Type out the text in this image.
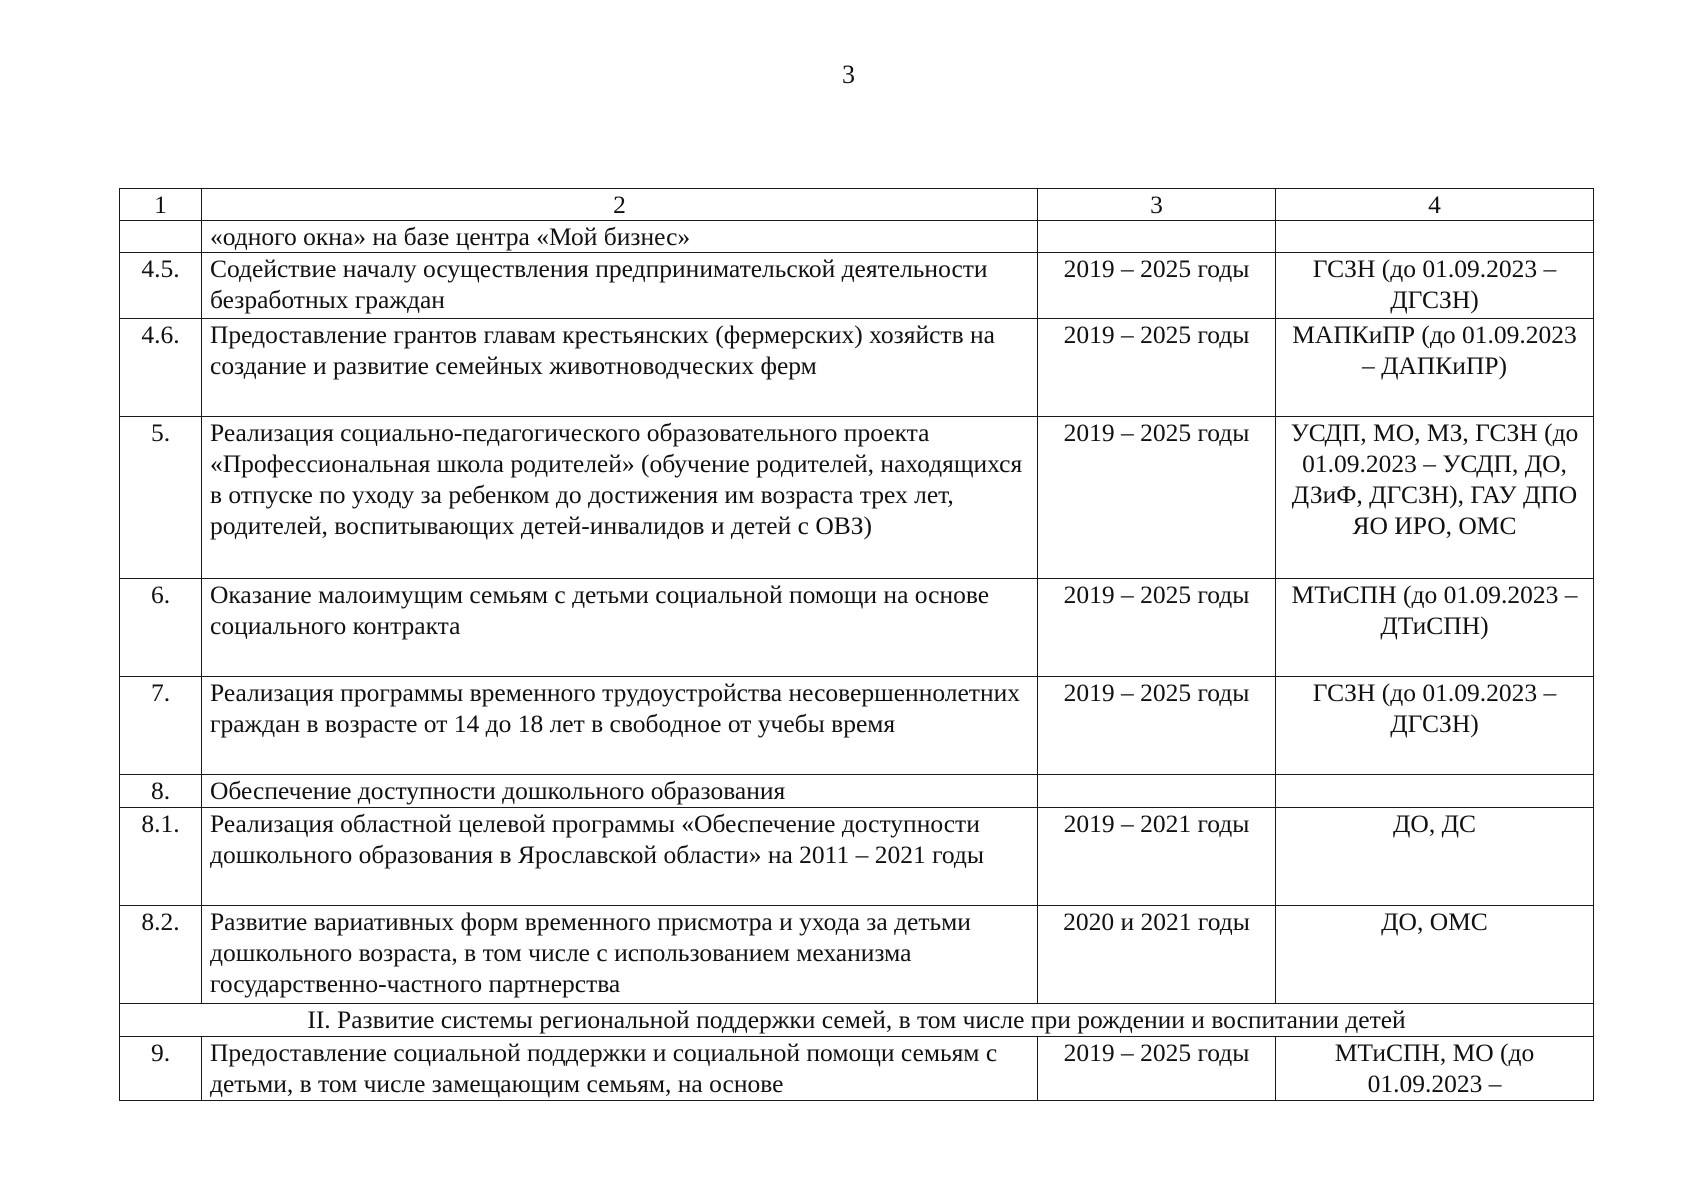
3
1	2	3	4
	«одного окна» на базе центра «Мой бизнес»		
4.5.	Содействие началу осуществления предпринимательской деятельности безработных граждан	2019 – 2025 годы	ГСЗН (до 01.09.2023 – ДГСЗН)
4.6.	Предоставление грантов главам крестьянских (фермерских) хозяйств на создание и развитие семейных животноводческих ферм	2019 – 2025 годы	МАПКиПР (до 01.09.2023 – ДАПКиПР)
5.	Реализация социально-педагогического образовательного проекта «Профессиональная школа родителей» (обучение родителей, находящихся в отпуске по уходу за ребенком до достижения им возраста трех лет, родителей, воспитывающих детей-инвалидов и детей с ОВЗ)	2019 – 2025 годы	УСДП, МО, МЗ, ГСЗН (до 01.09.2023 – УСДП, ДО, ДЗиФ, ДГСЗН), ГАУ ДПО ЯО ИРО, ОМС
6.	Оказание малоимущим семьям с детьми социальной помощи на основе социального контракта	2019 – 2025 годы	МТиСПН (до 01.09.2023 – ДТиСПН)
7.	Реализация программы временного трудоустройства несовершеннолетних граждан в возрасте от 14 до 18 лет в свободное от учебы время	2019 – 2025 годы	ГСЗН (до 01.09.2023 – ДГСЗН)
8.	Обеспечение доступности дошкольного образования		
8.1.	Реализация областной целевой программы «Обеспечение доступности дошкольного образования в Ярославской области» на 2011 – 2021 годы	2019 – 2021 годы	ДО, ДС
8.2.	Развитие вариативных форм временного присмотра и ухода за детьми дошкольного возраста, в том числе с использованием механизма государственно-частного партнерства	2020 и 2021 годы	ДО, ОМС
II. Развитие системы региональной поддержки семей, в том числе при рождении и воспитании детей			
9.	Предоставление социальной поддержки и социальной помощи семьям с детьми, в том числе замещающим семьям, на основе	2019 – 2025 годы	МТиСПН, МО (до 01.09.2023 –
